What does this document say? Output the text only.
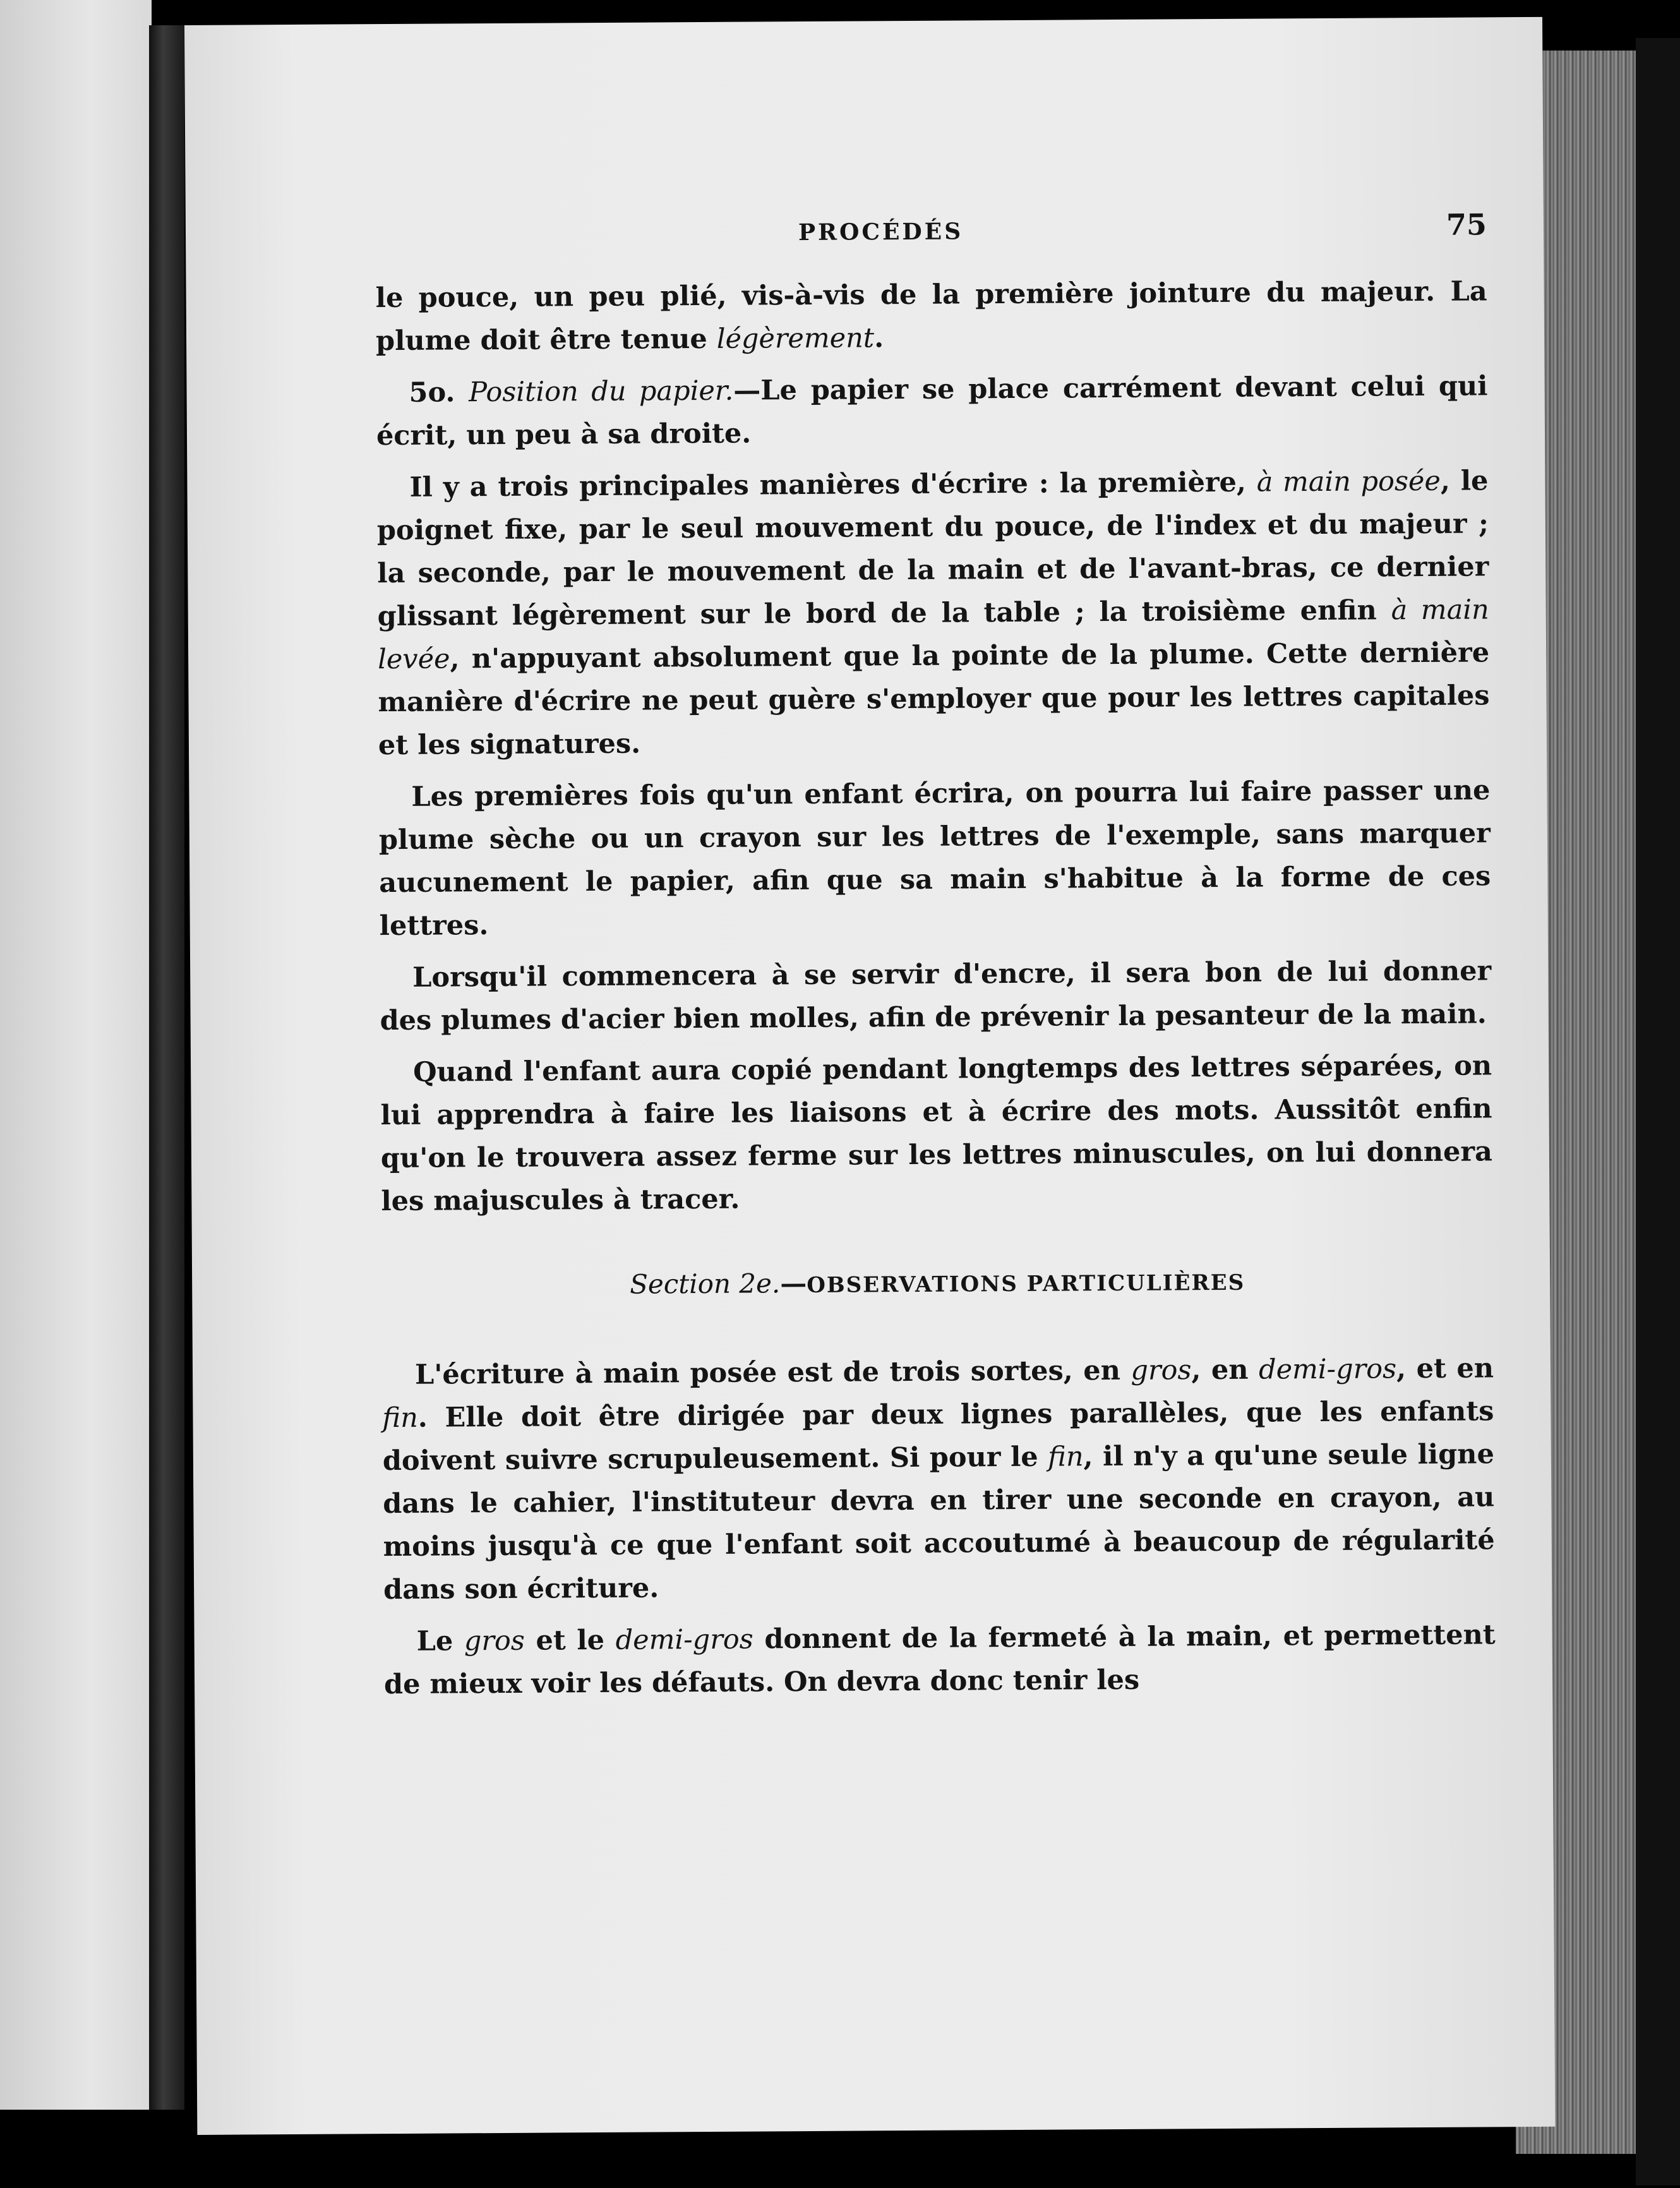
PROCÉDÉS	75

le pouce, un peu plié, vis-à-vis de la première jointure du majeur. La plume doit être tenue légèrement.

5o. Position du papier.—Le papier se place carrément devant celui qui écrit, un peu à sa droite.

Il y a trois principales manières d'écrire : la première, à main posée, le poignet fixe, par le seul mouvement du pouce, de l'index et du majeur ; la seconde, par le mouvement de la main et de l'avant-bras, ce dernier glissant légèrement sur le bord de la table ; la troisième enfin à main levée, n'appuyant absolument que la pointe de la plume. Cette dernière manière d'écrire ne peut guère s'employer que pour les lettres capitales et les signatures.

Les premières fois qu'un enfant écrira, on pourra lui faire passer une plume sèche ou un crayon sur les lettres de l'exemple, sans marquer aucunement le papier, afin que sa main s'habitue à la forme de ces lettres.

Lorsqu'il commencera à se servir d'encre, il sera bon de lui donner des plumes d'acier bien molles, afin de prévenir la pesanteur de la main.

Quand l'enfant aura copié pendant longtemps des lettres séparées, on lui apprendra à faire les liaisons et à écrire des mots. Aussitôt enfin qu'on le trouvera assez ferme sur les lettres minuscules, on lui donnera les majuscules à tracer.

Section 2e.—OBSERVATIONS PARTICULIÈRES

L'écriture à main posée est de trois sortes, en gros, en demi-gros, et en fin. Elle doit être dirigée par deux lignes parallèles, que les enfants doivent suivre scrupuleusement. Si pour le fin, il n'y a qu'une seule ligne dans le cahier, l'instituteur devra en tirer une seconde en crayon, au moins jusqu'à ce que l'enfant soit accoutumé à beaucoup de régularité dans son écriture.

Le gros et le demi-gros donnent de la fermeté à la main, et permettent de mieux voir les défauts. On devra donc tenir les
